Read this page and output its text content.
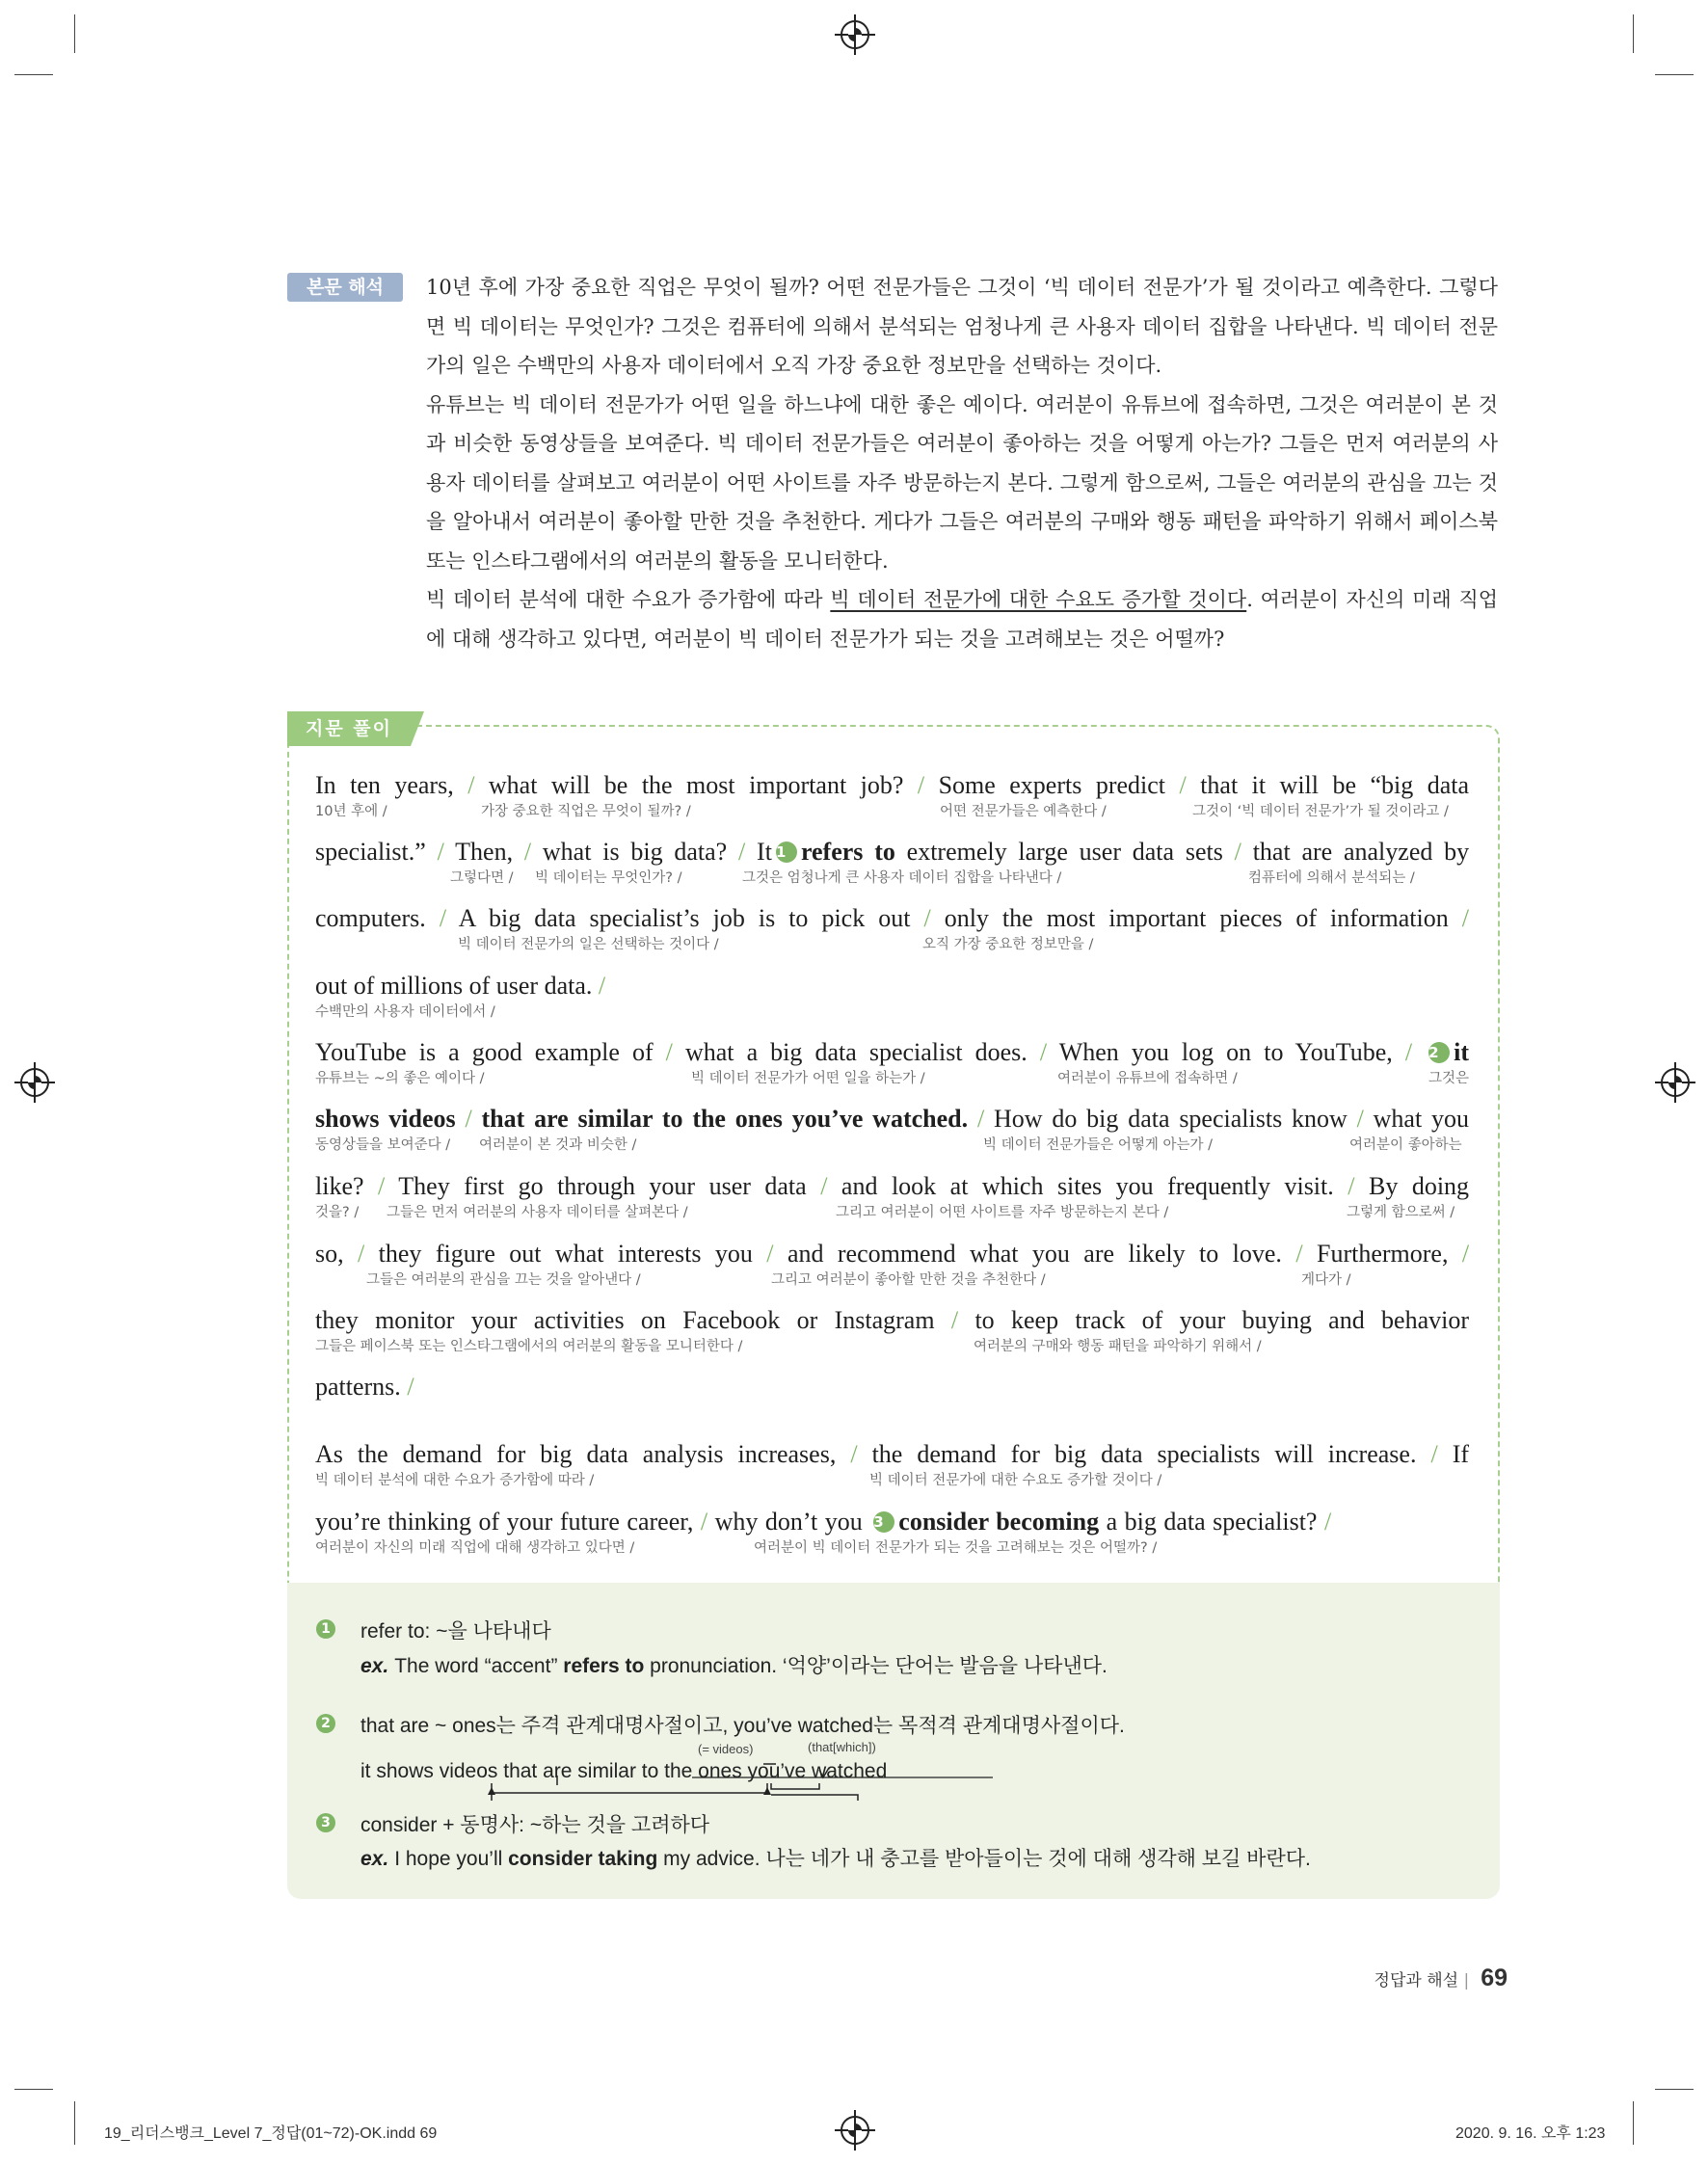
본문 해석	10년 후에 가장 중요한 직업은 무엇이 될까? 어떤 전문가들은 그것이 ‘빅 데이터 전문가’가 될 것이라고 예측한다. 그렇다면 빅 데이터는 무엇인가? 그것은 컴퓨터에 의해서 분석되는 엄청나게 큰 사용자 데이터 집합을 나타낸다. 빅 데이터 전문가의 일은 수백만의 사용자 데이터에서 오직 가장 중요한 정보만을 선택하는 것이다.

유튜브는 빅 데이터 전문가가 어떤 일을 하느냐에 대한 좋은 예이다. 여러분이 유튜브에 접속하면, 그것은 여러분이 본 것과 비슷한 동영상들을 보여준다. 빅 데이터 전문가들은 여러분이 좋아하는 것을 어떻게 아는가? 그들은 먼저 여러분의 사용자 데이터를 살펴보고 여러분이 어떤 사이트를 자주 방문하는지 본다. 그렇게 함으로써, 그들은 여러분의 관심을 끄는 것을 알아내서 여러분이 좋아할 만한 것을 추천한다. 게다가 그들은 여러분의 구매와 행동 패턴을 파악하기 위해서 페이스북 또는 인스타그램에서의 여러분의 활동을 모니터한다.

빅 데이터 분석에 대한 수요가 증가함에 따라 빅 데이터 전문가에 대한 수요도 증가할 것이다. 여러분이 자신의 미래 직업에 대해 생각하고 있다면, 여러분이 빅 데이터 전문가가 되는 것을 고려해보는 것은 어떨까?

지문 풀이
In ten years, / what will be the most important job? / Some experts predict / that it will be “big data
10년 후에 /	가장 중요한 직업은 무엇이 될까? /	어떤 전문가들은 예측한다 /	그것이 ‘빅 데이터 전문가’가 될 것이라고 /
specialist.” / Then, / what is big data? / It 1 refers to extremely large user data sets / that are analyzed by
그렇다면 / 빅 데이터는 무엇인가? /	그것은 엄청나게 큰 사용자 데이터 집합을 나타낸다 /	컴퓨터에 의해서 분석되는 /
computers. / A big data specialist’s job is to pick out / only the most important pieces of information /
빅 데이터 전문가의 일은 선택하는 것이다 /	오직 가장 중요한 정보만을 /
out of millions of user data. /
수백만의 사용자 데이터에서 /
YouTube is a good example of / what a big data specialist does. / When you log on to YouTube, / 2 it
유튜브는 ~의 좋은 예이다 /	빅 데이터 전문가가 어떤 일을 하는가 /	여러분이 유튜브에 접속하면 /	그것은
shows videos / that are similar to the ones you’ve watched. / How do big data specialists know / what you
동영상들을 보여준다 / 여러분이 본 것과 비슷한 /	빅 데이터 전문가들은 어떻게 아는가 /	여러분이 좋아하는
like? / They first go through your user data / and look at which sites you frequently visit. / By doing
것을? / 그들은 먼저 여러분의 사용자 데이터를 살펴본다 /	그리고 여러분이 어떤 사이트를 자주 방문하는지 본다 /	그렇게 함으로써 /
so, / they figure out what interests you / and recommend what you are likely to love. / Furthermore, /
그들은 여러분의 관심을 끄는 것을 알아낸다 /	그리고 여러분이 좋아할 만한 것을 추천한다 /	게다가 /
they monitor your activities on Facebook or Instagram / to keep track of your buying and behavior
그들은 페이스북 또는 인스타그램에서의 여러분의 활동을 모니터한다 /	여러분의 구매와 행동 패턴을 파악하기 위해서 /
patterns. /
As the demand for big data analysis increases, / the demand for big data specialists will increase. / If
빅 데이터 분석에 대한 수요가 증가함에 따라 /	빅 데이터 전문가에 대한 수요도 증가할 것이다 /
you’re thinking of your future career, / why don’t you 3 consider becoming a big data specialist? /
여러분이 자신의 미래 직업에 대해 생각하고 있다면 /	여러분이 빅 데이터 전문가가 되는 것을 고려해보는 것은 어떨까? /
1 refer to: ~을 나타내다
ex. The word “accent” refers to pronunciation. ‘억양’이라는 단어는 발음을 나타낸다.
2 that are ~ ones는 주격 관계대명사절이고, you’ve watched는 목적격 관계대명사절이다.
(= videos)	(that[which])
it shows videos that are similar to the ones you’ve watched
3 consider + 동명사: ~하는 것을 고려하다
ex. I hope you’ll consider taking my advice. 나는 네가 내 충고를 받아들이는 것에 대해 생각해 보길 바란다.
정답과 해설 | 69
19_리더스뱅크_Level 7_정답(01~72)-OK.indd 69	2020. 9. 16. 오후 1:23
